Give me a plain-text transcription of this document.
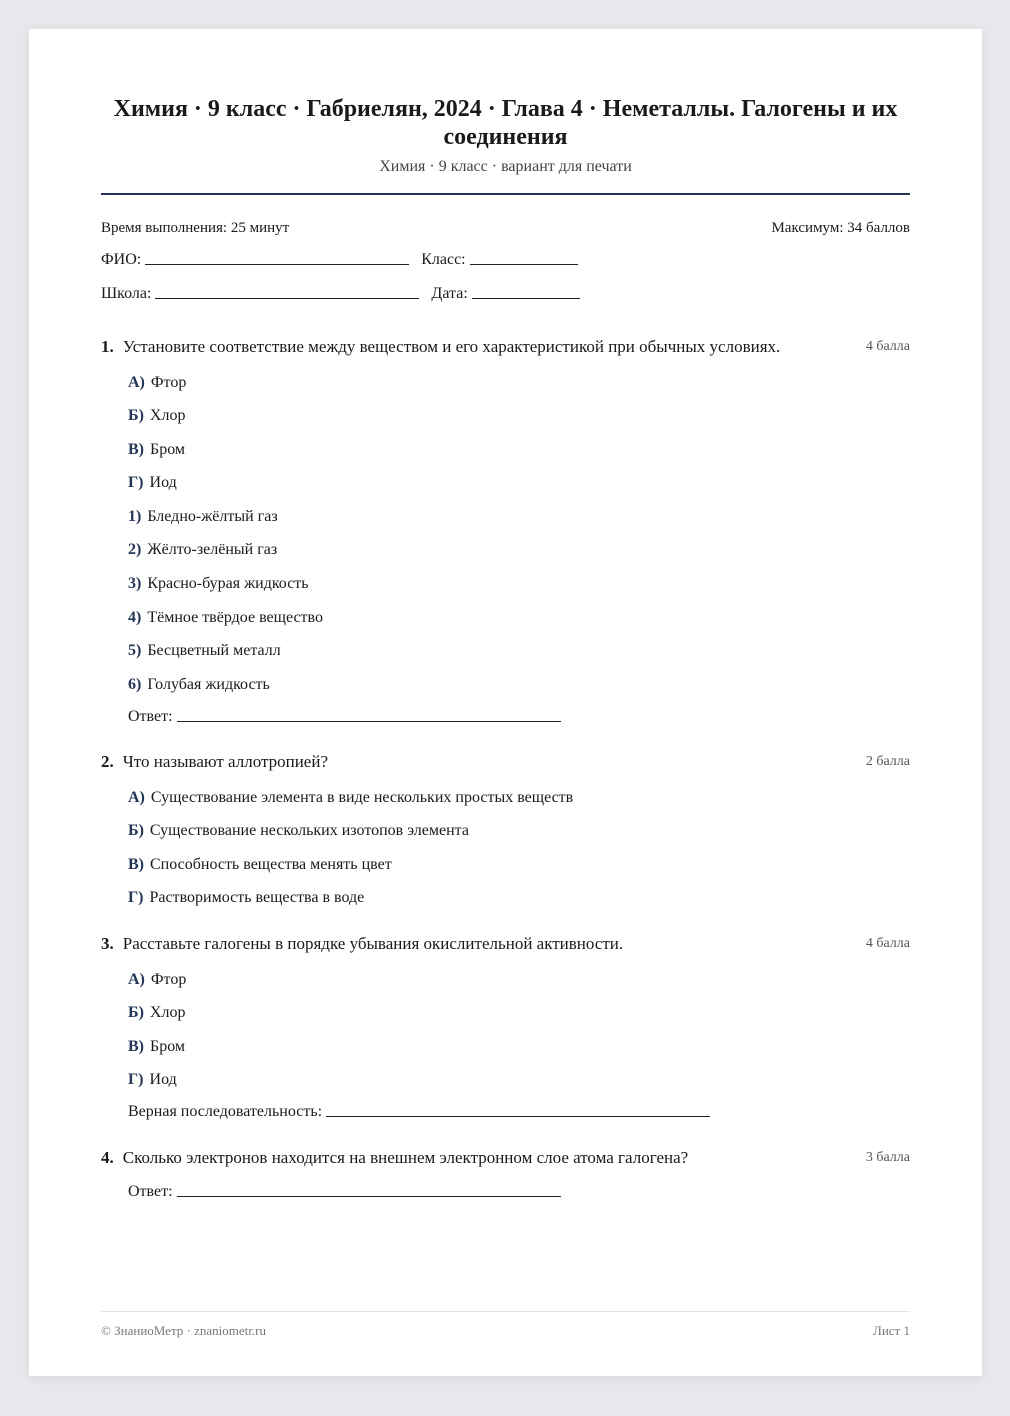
Химия · 9 класс · Габриелян, 2024 · Глава 4 · Неметаллы. Галогены и их соединения
Химия · 9 класс · вариант для печати
Время выполнения: 25 минут	Максимум: 34 баллов
ФИО:	Класс:
Школа:	Дата:
1. Установите соответствие между веществом и его характеристикой при обычных условиях.	4 балла
А) Фтор
Б) Хлор
В) Бром
Г) Иод
1) Бледно-жёлтый газ
2) Жёлто-зелёный газ
3) Красно-бурая жидкость
4) Тёмное твёрдое вещество
5) Бесцветный металл
6) Голубая жидкость
Ответ:
2. Что называют аллотропией?	2 балла
А) Существование элемента в виде нескольких простых веществ
Б) Существование нескольких изотопов элемента
В) Способность вещества менять цвет
Г) Растворимость вещества в воде
3. Расставьте галогены в порядке убывания окислительной активности.	4 балла
А) Фтор
Б) Хлор
В) Бром
Г) Иод
Верная последовательность:
4. Сколько электронов находится на внешнем электронном слое атома галогена?	3 балла
Ответ:
© ЗнаниоМетр · znaniometr.ru	Лист 1
